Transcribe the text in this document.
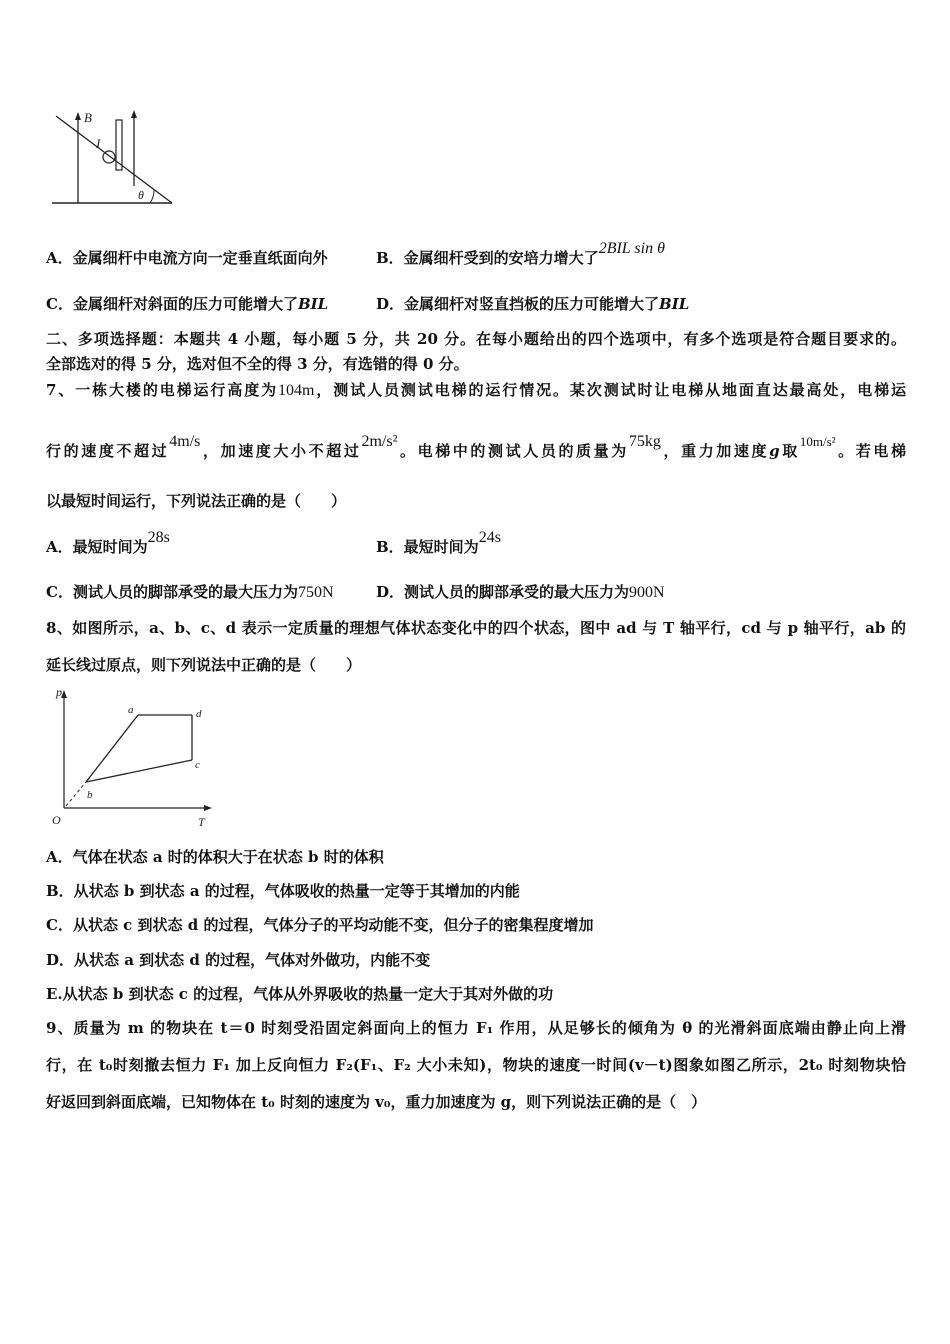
B
I
θ
A．金属细杆中电流方向一定垂直纸面向外	B．金属细杆受到的安培力增大了2BIL sin θ
C．金属细杆对斜面的压力可能增大了BIL	D．金属细杆对竖直挡板的压力可能增大了BIL
二、多项选择题：本题共 4 小题，每小题 5 分，共 20 分。在每小题给出的四个选项中，有多个选项是符合题目要求的。
全部选对的得 5 分，选对但不全的得 3 分，有选错的得 0 分。
7、一栋大楼的电梯运行高度为104m，测试人员测试电梯的运行情况。某次测试时让电梯从地面直达最高处，电梯运
行的速度不超过4m/s，加速度大小不超过2m/s²。电梯中的测试人员的质量为75kg，重力加速度g取10m/s²。若电梯
以最短时间运行，下列说法正确的是（　　）
A．最短时间为28s
B．最短时间为24s
C．测试人员的脚部承受的最大压力为750N	D．测试人员的脚部承受的最大压力为900N
8、如图所示，a、b、c、d 表示一定质量的理想气体状态变化中的四个状态，图中 ad 与 T 轴平行，cd 与 p 轴平行，ab 的
延长线过原点，则下列说法中正确的是（　　）
p
T
O
a
b
c
d
A．气体在状态 a 时的体积大于在状态 b 时的体积
B．从状态 b 到状态 a 的过程，气体吸收的热量一定等于其增加的内能
C．从状态 c 到状态 d 的过程，气体分子的平均动能不变，但分子的密集程度增加
D．从状态 a 到状态 d 的过程，气体对外做功，内能不变
E.从状态 b 到状态 c 的过程，气体从外界吸收的热量一定大于其对外做的功
9、质量为 m 的物块在 t＝0 时刻受沿固定斜面向上的恒力 F₁ 作用，从足够长的倾角为 θ 的光滑斜面底端由静止向上滑
行，在 t₀时刻撤去恒力 F₁ 加上反向恒力 F₂(F₁、F₂ 大小未知)，物块的速度一时间(v－t)图象如图乙所示，2t₀ 时刻物块恰
好返回到斜面底端，已知物体在 t₀ 时刻的速度为 v₀，重力加速度为 g，则下列说法正确的是（　）
